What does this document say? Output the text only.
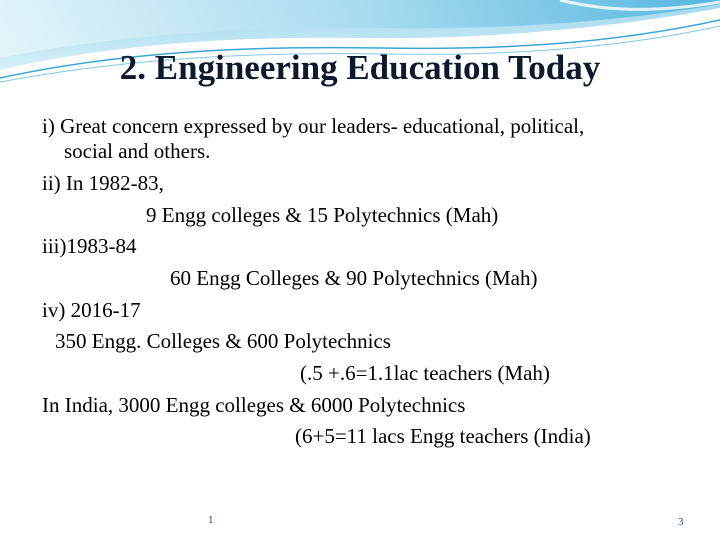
2. Engineering Education Today
i) Great concern expressed by our leaders- educational, political,
social and others.
ii) In 1982-83,
9 Engg colleges & 15 Polytechnics (Mah)
iii)1983-84
60 Engg Colleges & 90 Polytechnics (Mah)
iv) 2016-17
350 Engg. Colleges & 600 Polytechnics
(.5 +.6=1.1lac teachers (Mah)
In India, 3000 Engg colleges & 6000 Polytechnics
(6+5=11 lacs Engg teachers (India)
1	3
